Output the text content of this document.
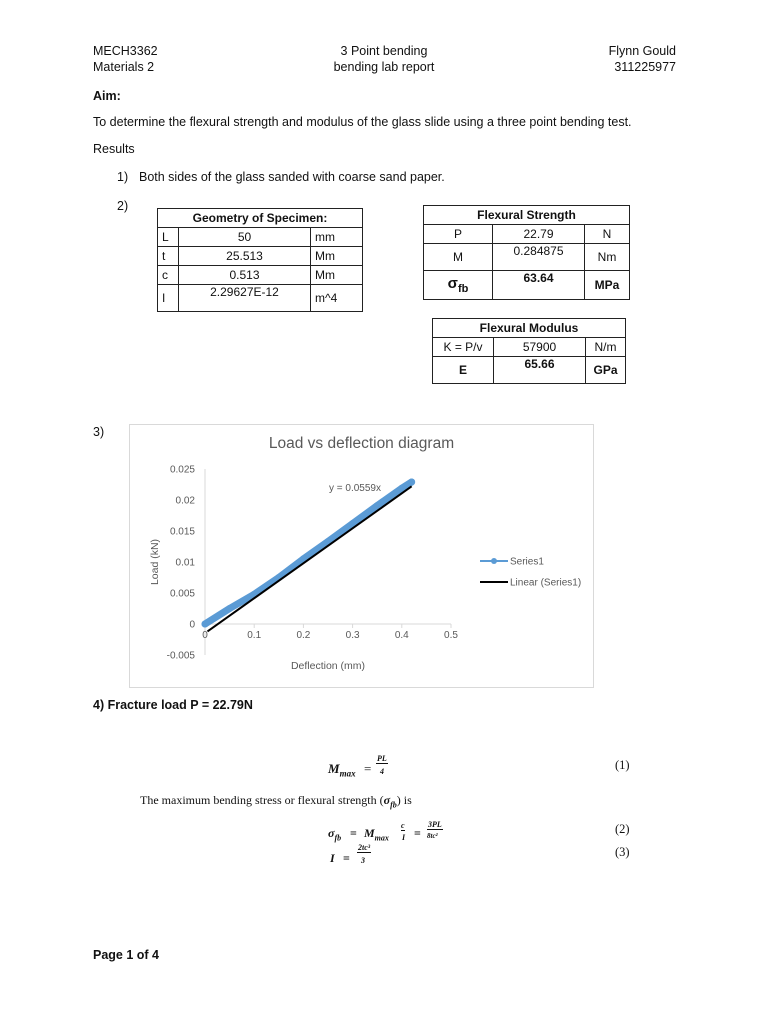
MECH3362
Materials 2
3 Point bending
bending lab report
Flynn Gould
311225977
Aim:
To determine the flexural strength and modulus of the glass slide using a three point bending test.
Results
1) Both sides of the glass sanded with coarse sand paper.
2)
Geometry of Specimen:		
L	50	mm
t	25.513	Mm
c	0.513	Mm
I	2.29627E-12	m^4
Flexural Strength		
P	22.79	N
M	0.284875	Nm
$\sigma_{fb}$	63.64	MPa
Flexural Modulus		
K = P/v	57900	N/m
E	65.66	GPa
3)
Load vs deflection diagram
-0.005
0
0.005
0.01
0.015
0.02
0.025
0	0.1	0.2	0.3	0.4	0.5
Series1
Linear (Series1)
Load (kN)
Deflection (mm)
y = 0.0559x
4) Fracture load P = 22.79N
$M_{max}$ =
PL
4	(1)
The maximum bending stress or flexural strength $(\sigma_{fb})$ is
$\sigma_{fb} = M_{max}$
c
I =
3PL
8tc²	(2)
I =
2tc³
3
(3)
Page 1 of 4
